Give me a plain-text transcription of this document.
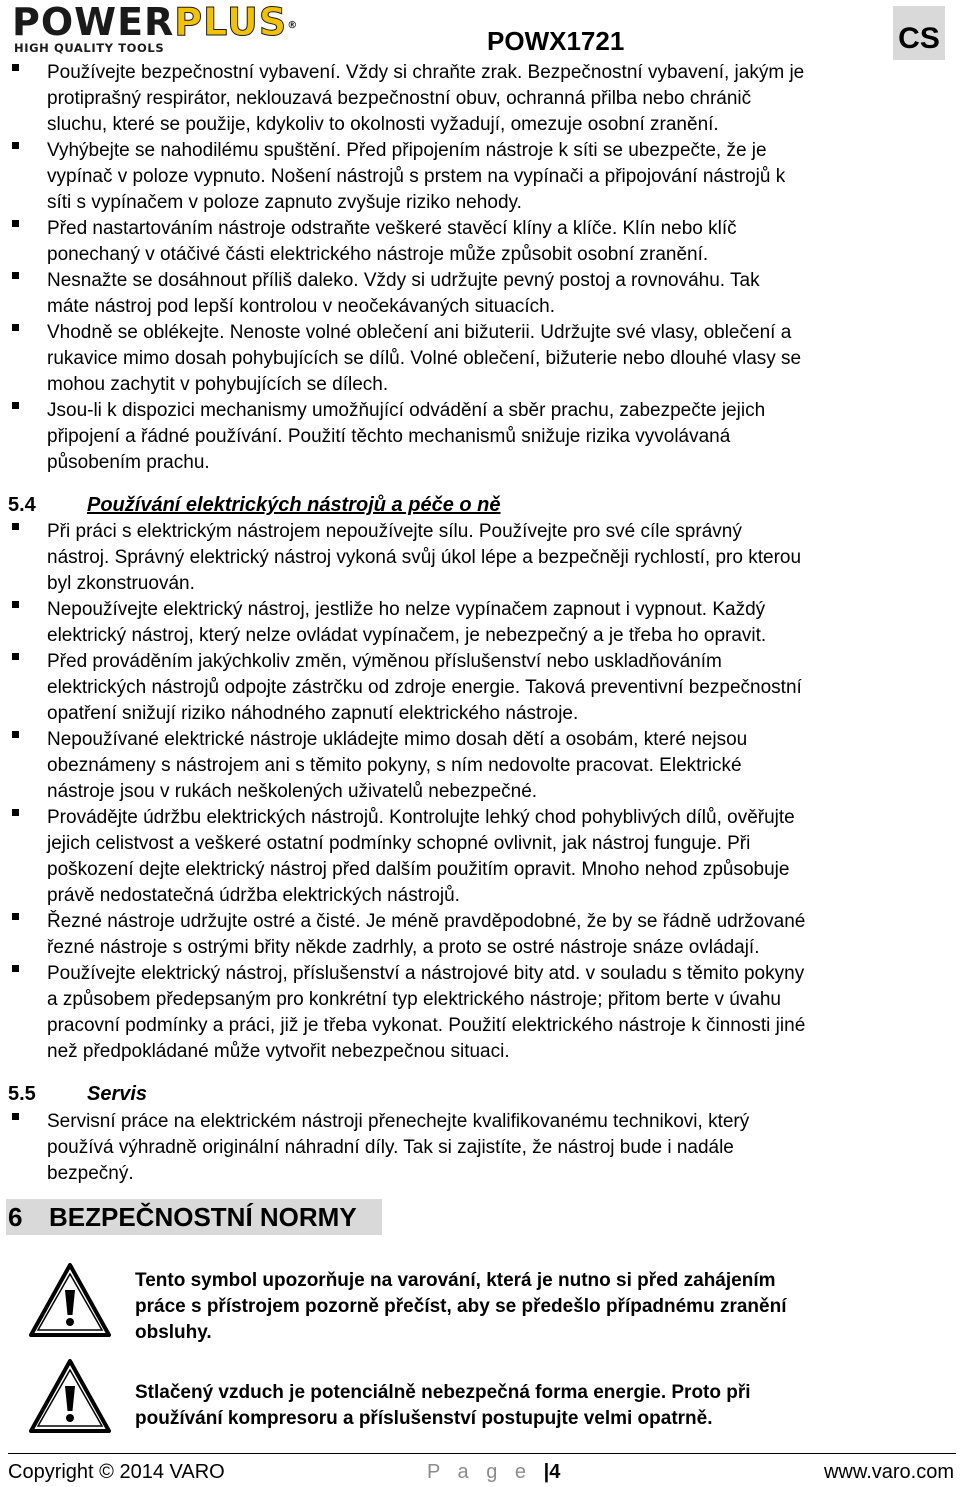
POWERPLUS®
HIGH QUALITY TOOLS	POWX1721	CS
Používejte bezpečnostní vybavení. Vždy si chraňte zrak. Bezpečnostní vybavení, jakým je
protiprašný respirátor, neklouzavá bezpečnostní obuv, ochranná přilba nebo chránič
sluchu, které se použije, kdykoliv to okolnosti vyžadují, omezuje osobní zranění.
Vyhýbejte se nahodilému spuštění. Před připojením nástroje k síti se ubezpečte, že je
vypínač v poloze vypnuto. Nošení nástrojů s prstem na vypínači a připojování nástrojů k
síti s vypínačem v poloze zapnuto zvyšuje riziko nehody.
Před nastartováním nástroje odstraňte veškeré stavěcí klíny a klíče. Klín nebo klíč
ponechaný v otáčivé části elektrického nástroje může způsobit osobní zranění.
Nesnažte se dosáhnout příliš daleko. Vždy si udržujte pevný postoj a rovnováhu. Tak
máte nástroj pod lepší kontrolou v neočekávaných situacích.
Vhodně se oblékejte. Nenoste volné oblečení ani bižuterii. Udržujte své vlasy, oblečení a
rukavice mimo dosah pohybujících se dílů. Volné oblečení, bižuterie nebo dlouhé vlasy se
mohou zachytit v pohybujících se dílech.
Jsou-li k dispozici mechanismy umožňující odvádění a sběr prachu, zabezpečte jejich
připojení a řádné používání. Použití těchto mechanismů snižuje rizika vyvolávaná
působením prachu.
5.4	Používání elektrických nástrojů a péče o ně
Při práci s elektrickým nástrojem nepoužívejte sílu. Používejte pro své cíle správný
nástroj. Správný elektrický nástroj vykoná svůj úkol lépe a bezpečněji rychlostí, pro kterou
byl zkonstruován.
Nepoužívejte elektrický nástroj, jestliže ho nelze vypínačem zapnout i vypnout. Každý
elektrický nástroj, který nelze ovládat vypínačem, je nebezpečný a je třeba ho opravit.
Před prováděním jakýchkoliv změn, výměnou příslušenství nebo uskladňováním
elektrických nástrojů odpojte zástrčku od zdroje energie. Taková preventivní bezpečnostní
opatření snižují riziko náhodného zapnutí elektrického nástroje.
Nepoužívané elektrické nástroje ukládejte mimo dosah dětí a osobám, které nejsou
obeznámeny s nástrojem ani s těmito pokyny, s ním nedovolte pracovat. Elektrické
nástroje jsou v rukách neškolených uživatelů nebezpečné.
Provádějte údržbu elektrických nástrojů. Kontrolujte lehký chod pohyblivých dílů, ověřujte
jejich celistvost a veškeré ostatní podmínky schopné ovlivnit, jak nástroj funguje. Při
poškození dejte elektrický nástroj před dalším použitím opravit. Mnoho nehod způsobuje
právě nedostatečná údržba elektrických nástrojů.
Řezné nástroje udržujte ostré a čisté. Je méně pravděpodobné, že by se řádně udržované
řezné nástroje s ostrými břity někde zadrhly, a proto se ostré nástroje snáze ovládají.
Používejte elektrický nástroj, příslušenství a nástrojové bity atd. v souladu s těmito pokyny
a způsobem předepsaným pro konkrétní typ elektrického nástroje; přitom berte v úvahu
pracovní podmínky a práci, již je třeba vykonat. Použití elektrického nástroje k činnosti jiné
než předpokládané může vytvořit nebezpečnou situaci.
5.5	Servis
Servisní práce na elektrickém nástroji přenechejte kvalifikovanému technikovi, který
používá výhradně originální náhradní díly. Tak si zajistíte, že nástroj bude i nadále
bezpečný.
6 BEZPEČNOSTNÍ NORMY
Tento symbol upozorňuje na varování, která je nutno si před zahájením
práce s přístrojem pozorně přečíst, aby se předešlo případnému zranění
obsluhy.
Stlačený vzduch je potenciálně nebezpečná forma energie. Proto při
používání kompresoru a příslušenství postupujte velmi opatrně.
Copyright © 2014 VARO	P a g e |4	www.varo.com
